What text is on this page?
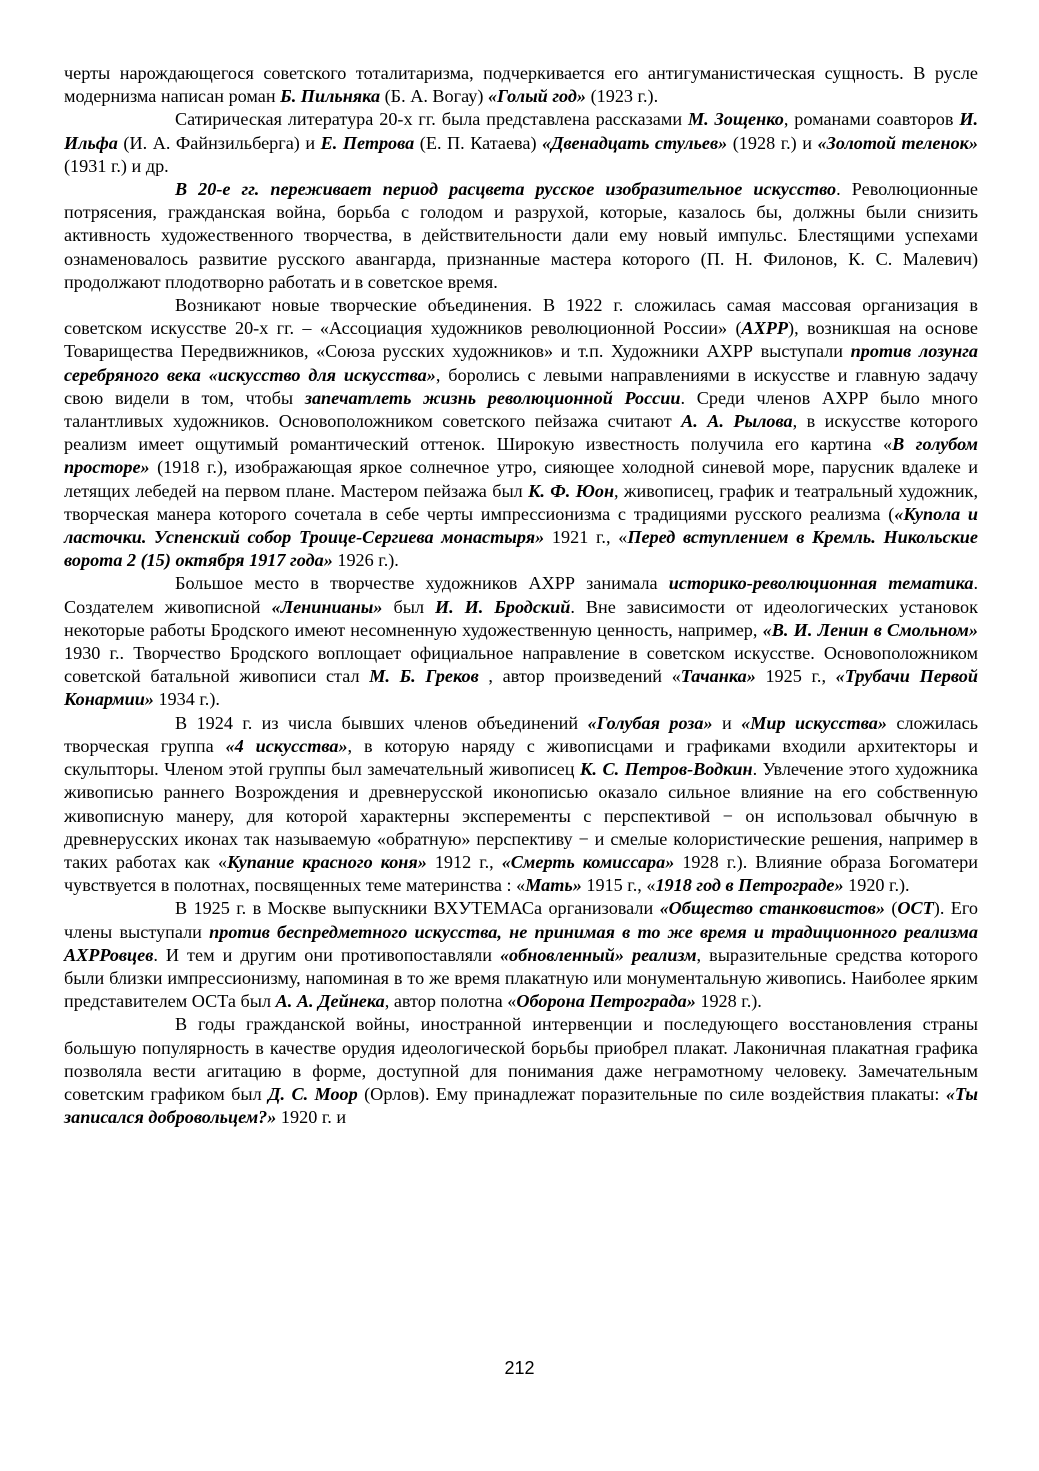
черты нарождающегося советского тоталитаризма, подчеркивается его антигуманистическая сущность. В русле модернизма написан роман Б. Пильняка (Б. А. Вогау) «Голый год» (1923 г.).

Сатирическая литература 20-х гг. была представлена рассказами М. Зощенко, романами соавторов И. Ильфа (И. А. Файнзильберга) и Е. Петрова (Е. П. Катаева) «Двенадцать стульев» (1928 г.) и «Золотой теленок» (1931 г.) и др.

В 20-е гг. переживает период расцвета русское изобразительное искусство. Революционные потрясения, гражданская война, борьба с голодом и разрухой, которые, казалось бы, должны были снизить активность художественного творчества, в действительности дали ему новый импульс. Блестящими успехами ознаменовалось развитие русского авангарда, признанные мастера которого (П. Н. Филонов, К. С. Малевич) продолжают плодотворно работать и в советское время.

Возникают новые творческие объединения. В 1922 г. сложилась самая массовая организация в советском искусстве 20-х гг. – «Ассоциация художников революционной России» (АХРР), возникшая на основе Товарищества Передвижников, «Союза русских художников» и т.п. Художники АХРР выступали против лозунга серебряного века «искусство для искусства», боролись с левыми направлениями в искусстве и главную задачу свою видели в том, чтобы запечатлеть жизнь революционной России. Среди членов АХРР было много талантливых художников. Основоположником советского пейзажа считают А. А. Рылова, в искусстве которого реализм имеет ощутимый романтический оттенок. Широкую известность получила его картина «В голубом просторе» (1918 г.), изображающая яркое солнечное утро, сияющее холодной синевой море, парусник вдалеке и летящих лебедей на первом плане. Мастером пейзажа был К. Ф. Юон, живописец, график и театральный художник, творческая манера которого сочетала в себе черты импрессионизма с традициями русского реализма («Купола и ласточки. Успенский собор Троице-Сергиева монастыря» 1921 г., «Перед вступлением в Кремль. Никольские ворота 2 (15) октября 1917 года» 1926 г.).

Большое место в творчестве художников АХРР занимала историко-революционная тематика. Создателем живописной «Ленинианы» был И. И. Бродский. Вне зависимости от идеологических установок некоторые работы Бродского имеют несомненную художественную ценность, например, «В. И. Ленин в Смольном» 1930 г.. Творчество Бродского воплощает официальное направление в советском искусстве. Основоположником советской батальной живописи стал М. Б. Греков , автор произведений «Тачанка» 1925 г., «Трубачи Первой Конармии» 1934 г.).

В 1924 г. из числа бывших членов объединений «Голубая роза» и «Мир искусства» сложилась творческая группа «4 искусства», в которую наряду с живописцами и графиками входили архитекторы и скульпторы. Членом этой группы был замечательный живописец К. С. Петров-Водкин. Увлечение этого художника живописью раннего Возрождения и древнерусской иконописью оказало сильное влияние на его собственную живописную манеру, для которой характерны эксперементы с перспективой − он использовал обычную в древнерусских иконах так называемую «обратную» перспективу − и смелые колористические решения, например в таких работах как «Купание красного коня» 1912 г., «Смерть комиссара» 1928 г.). Влияние образа Богоматери чувствуется в полотнах, посвященных теме материнства : «Мать» 1915 г., «1918 год в Петрограде» 1920 г.).

В 1925 г. в Москве выпускники ВХУТЕМАСа организовали «Общество станковистов» (ОСТ). Его члены выступали против беспредметного искусства, не принимая в то же время и традиционного реализма АХРРовцев. И тем и другим они противопоставляли «обновленный» реализм, выразительные средства которого были близки импрессионизму, напоминая в то же время плакатную или монументальную живопись. Наиболее ярким представителем ОСТа был А. А. Дейнека, автор полотна «Оборона Петрограда» 1928 г.).

В годы гражданской войны, иностранной интервенции и последующего восстановления страны большую популярность в качестве орудия идеологической борьбы приобрел плакат. Лаконичная плакатная графика позволяла вести агитацию в форме, доступной для понимания даже неграмотному человеку. Замечательным советским графиком был Д. С. Моор (Орлов). Ему принадлежат поразительные по силе воздействия плакаты: «Ты записался добровольцем?» 1920 г. и

212
